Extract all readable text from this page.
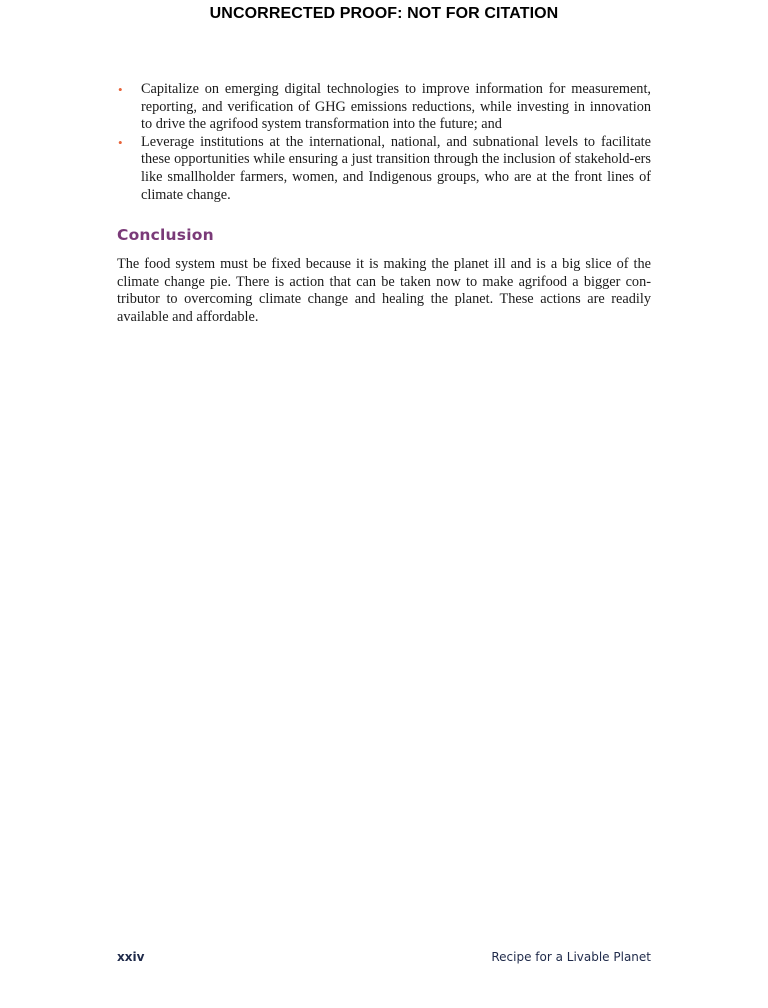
UNCORRECTED PROOF: NOT FOR CITATION
• Capitalize on emerging digital technologies to improve information for measurement, reporting, and verification of GHG emissions reductions, while investing in innovation to drive the agrifood system transformation into the future; and
• Leverage institutions at the international, national, and subnational levels to facilitate these opportunities while ensuring a just transition through the inclusion of stakehold-ers like smallholder farmers, women, and Indigenous groups, who are at the front lines of climate change.
Conclusion

The food system must be fixed because it is making the planet ill and is a big slice of the climate change pie. There is action that can be taken now to make agrifood a bigger con-tributor to overcoming climate change and healing the planet. These actions are readily available and affordable.

xxiv	Recipe for a Livable Planet
